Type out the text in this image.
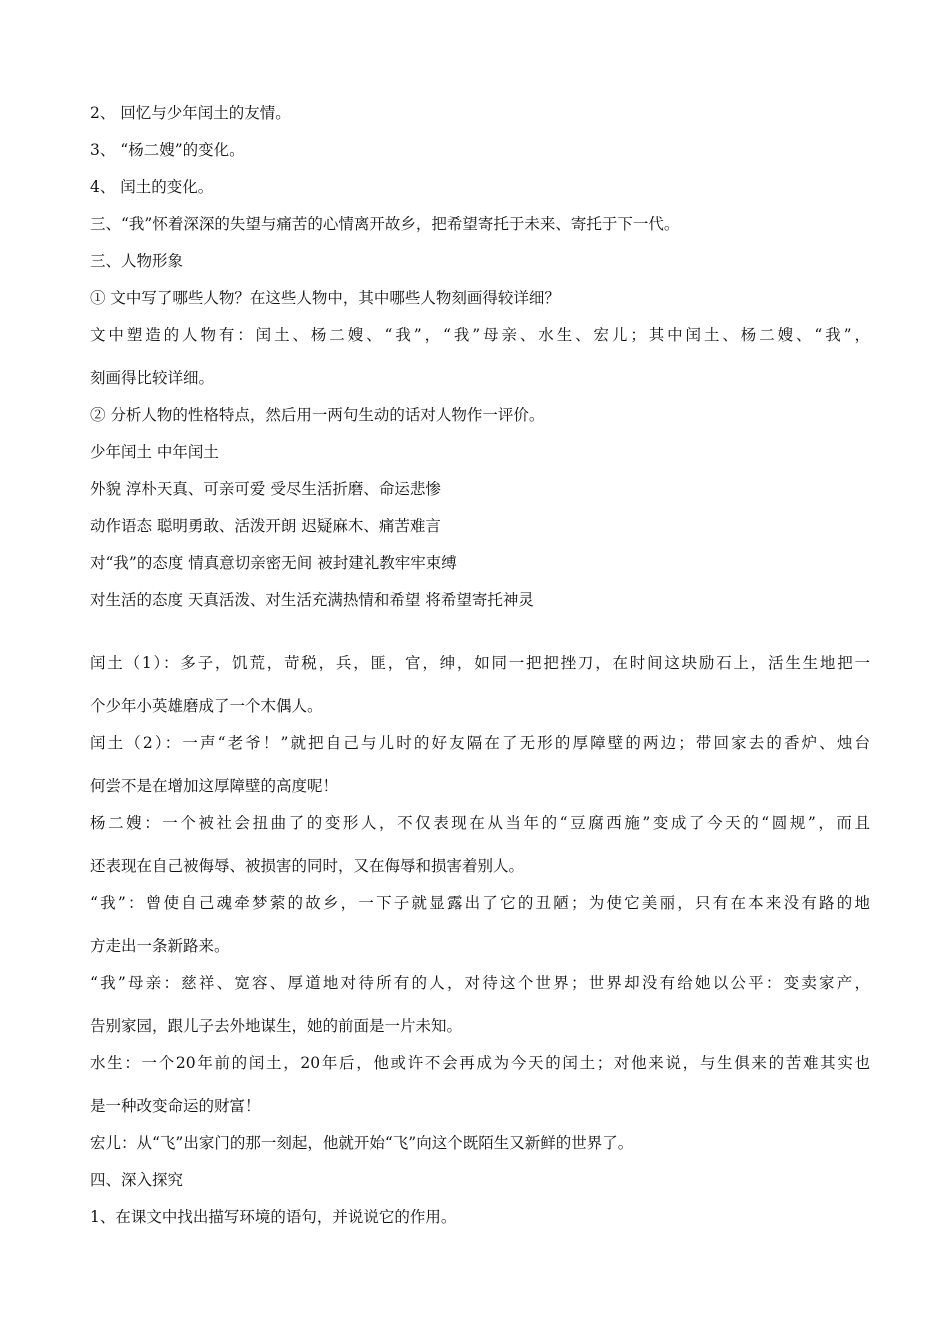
2、 回忆与少年闰土的友情。
3、 “杨二嫂”的变化。
4、 闰土的变化。
三、“我”怀着深深的失望与痛苦的心情离开故乡，把希望寄托于未来、寄托于下一代。
三、人物形象
① 文中写了哪些人物？在这些人物中，其中哪些人物刻画得较详细？
文中塑造的人物有：闰土、杨二嫂、“我”，“我”母亲、水生、宏儿；其中闰土、杨二嫂、“我”，
刻画得比较详细。
② 分析人物的性格特点，然后用一两句生动的话对人物作一评价。
少年闰土 中年闰土
外貌 淳朴天真、可亲可爱 受尽生活折磨、命运悲惨
动作语态 聪明勇敢、活泼开朗 迟疑麻木、痛苦难言
对“我”的态度 情真意切亲密无间 被封建礼教牢牢束缚
对生活的态度 天真活泼、对生活充满热情和希望 将希望寄托神灵
闰土（1）：多子，饥荒，苛税，兵，匪，官，绅，如同一把把挫刀，在时间这块励石上，活生生地把一
个少年小英雄磨成了一个木偶人。
闰土（2）：一声“老爷！”就把自己与儿时的好友隔在了无形的厚障壁的两边；带回家去的香炉、烛台
何尝不是在增加这厚障壁的高度呢！
杨二嫂：一个被社会扭曲了的变形人，不仅表现在从当年的“豆腐西施”变成了今天的“圆规”，而且
还表现在自己被侮辱、被损害的同时，又在侮辱和损害着别人。
“我”：曾使自己魂牵梦萦的故乡，一下子就显露出了它的丑陋；为使它美丽，只有在本来没有路的地
方走出一条新路来。
“我”母亲：慈祥、宽容、厚道地对待所有的人，对待这个世界；世界却没有给她以公平：变卖家产，
告别家园，跟儿子去外地谋生，她的前面是一片未知。
水生：一个20年前的闰土，20年后，他或许不会再成为今天的闰土；对他来说，与生俱来的苦难其实也
是一种改变命运的财富！
宏儿：从“飞”出家门的那一刻起，他就开始“飞”向这个既陌生又新鲜的世界了。
四、深入探究
1、在课文中找出描写环境的语句，并说说它的作用。
